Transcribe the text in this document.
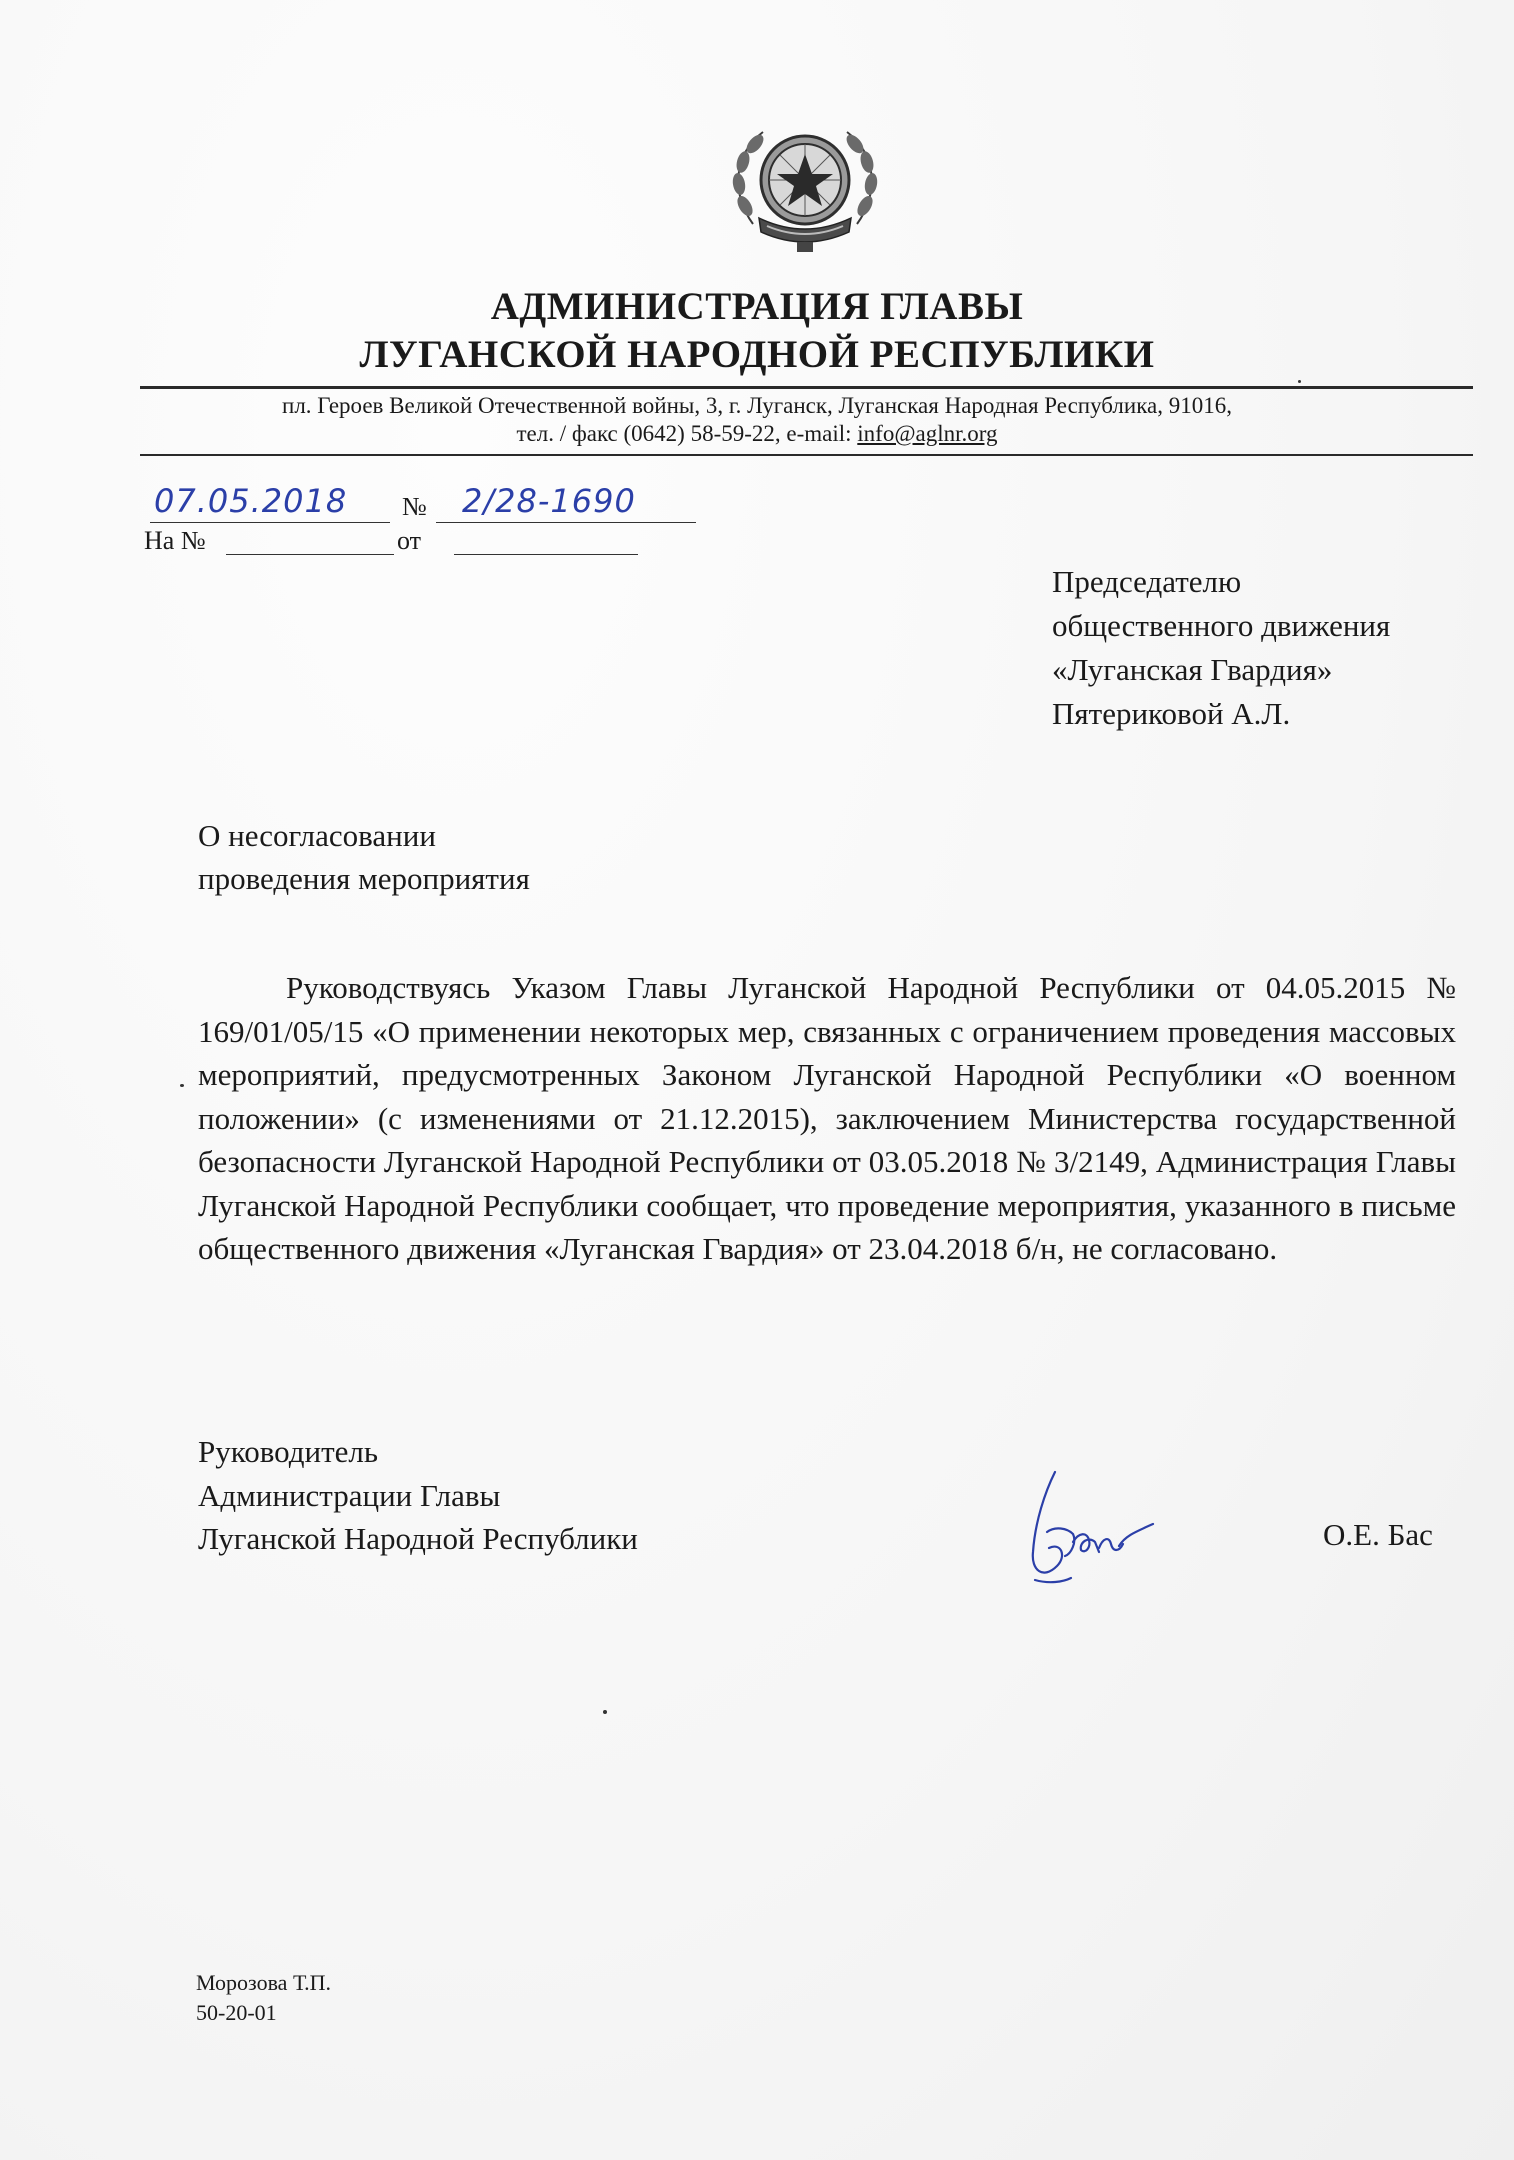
АДМИНИСТРАЦИЯ ГЛАВЫ
ЛУГАНСКОЙ НАРОДНОЙ РЕСПУБЛИКИ
пл. Героев Великой Отечественной войны, 3, г. Луганск, Луганская Народная Республика, 91016,
тел. / факс (0642) 58-59-22, e-mail: info@aglnr.org
07.05.2018 № 2/28-1690
На №	от
Председателю
общественного движения
«Луганская Гвардия»
Пятериковой А.Л.
О несогласовании
проведения мероприятия
Руководствуясь Указом Главы Луганской Народной Республики от 04.05.2015 № 169/01/05/15 «О применении некоторых мер, связанных с ограничением проведения массовых мероприятий, предусмотренных Законом Луганской Народной Республики «О военном положении» (с изменениями от 21.12.2015), заключением Министерства государственной безопасности Луганской Народной Республики от 03.05.2018 № 3/2149, Администрация Главы Луганской Народной Республики сообщает, что проведение мероприятия, указанного в письме общественного движения «Луганская Гвардия» от 23.04.2018 б/н, не согласовано.
Руководитель
Администрации Главы
Луганской Народной Республики	О.Е. Бас
Морозова Т.П.
50-20-01
